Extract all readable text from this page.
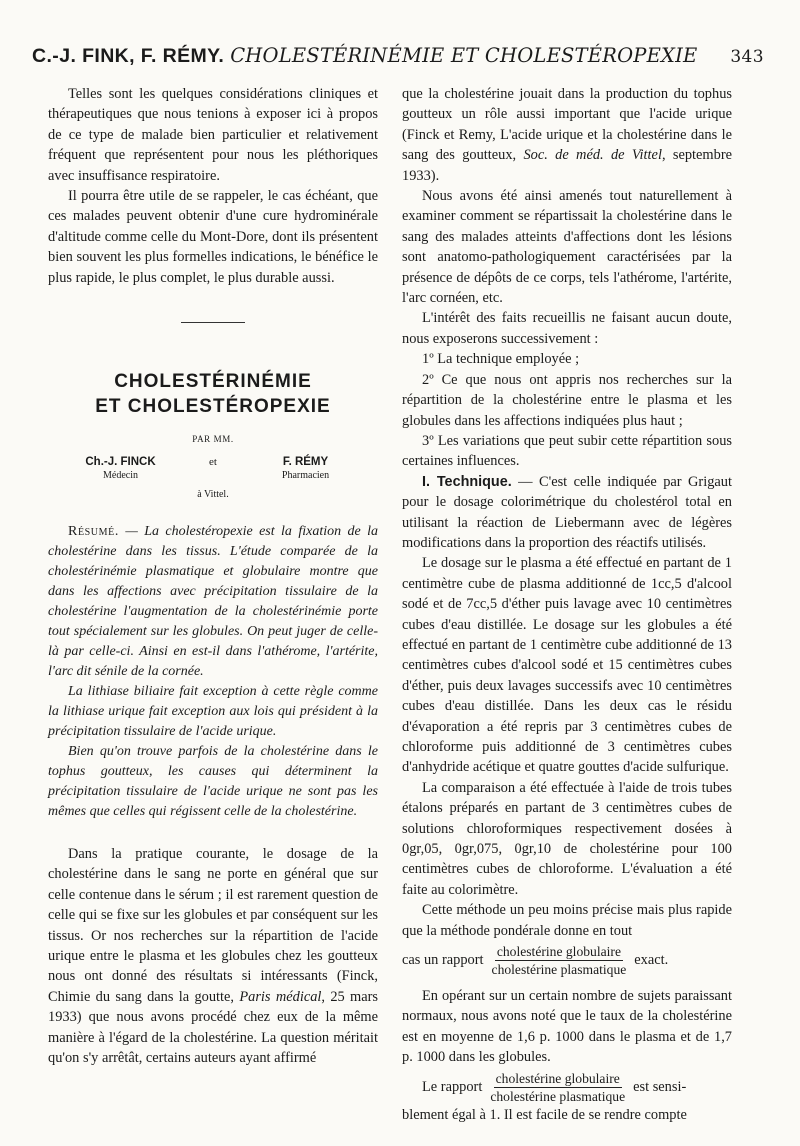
C.-J. FINK, F. RÉMY. CHOLESTÉRINÉMIE ET CHOLESTÉROPEXIE 343

Telles sont les quelques considérations cliniques et thérapeutiques que nous tenions à exposer ici à propos de ce type de malade bien particulier et relativement fréquent que représentent pour nous les pléthoriques avec insuffisance respiratoire.

Il pourra être utile de se rappeler, le cas échéant, que ces malades peuvent obtenir d'une cure hydrominérale d'altitude comme celle du Mont-Dore, dont ils présentent bien souvent les plus formelles indications, le bénéfice le plus rapide, le plus complet, le plus durable aussi.

CHOLESTÉRINÉMIE
ET CHOLESTÉROPEXIE
PAR MM.
Ch.-J. FINCK	et	F. RÉMY
Médecin	Pharmacien
à Vittel.

Résumé. — La cholestéropexie est la fixation de la cholestérine dans les tissus. L'étude comparée de la cholestérinémie plasmatique et globulaire montre que dans les affections avec précipitation tissulaire de la cholestérine l'augmentation de la cholestérinémie porte tout spécialement sur les globules. On peut juger de celle-là par celle-ci. Ainsi en est-il dans l'athérome, l'artérite, l'arc dit sénile de la cornée.

La lithiase biliaire fait exception à cette règle comme la lithiase urique fait exception aux lois qui président à la précipitation tissulaire de l'acide urique.

Bien qu'on trouve parfois de la cholestérine dans le tophus goutteux, les causes qui déterminent la précipitation tissulaire de l'acide urique ne sont pas les mêmes que celles qui régissent celle de la cholestérine.

Dans la pratique courante, le dosage de la cholestérine dans le sang ne porte en général que sur celle contenue dans le sérum ; il est rarement question de celle qui se fixe sur les globules et par conséquent sur les tissus. Or nos recherches sur la répartition de l'acide urique entre le plasma et les globules chez les goutteux nous ont donné des résultats si intéressants (Finck, Chimie du sang dans la goutte, Paris médical, 25 mars 1933) que nous avons procédé chez eux de la même manière à l'égard de la cholestérine. La question méritait qu'on s'y arrêtât, certains auteurs ayant affirmé

que la cholestérine jouait dans la production du tophus goutteux un rôle aussi important que l'acide urique (Finck et Remy, L'acide urique et la cholestérine dans le sang des goutteux, Soc. de méd. de Vittel, septembre 1933).

Nous avons été ainsi amenés tout naturellement à examiner comment se répartissait la cholestérine dans le sang des malades atteints d'affections dont les lésions sont anatomo-pathologiquement caractérisées par la présence de dépôts de ce corps, tels l'athérome, l'artérite, l'arc cornéen, etc.

L'intérêt des faits recueillis ne faisant aucun doute, nous exposerons successivement :

1º La technique employée ;

2º Ce que nous ont appris nos recherches sur la répartition de la cholestérine entre le plasma et les globules dans les affections indiquées plus haut ;

3º Les variations que peut subir cette répartition sous certaines influences.

I. Technique. — C'est celle indiquée par Grigaut pour le dosage colorimétrique du cholestérol total en utilisant la réaction de Liebermann avec de légères modifications dans la proportion des réactifs utilisés.

Le dosage sur le plasma a été effectué en partant de 1 centimètre cube de plasma additionné de 1cc,5 d'alcool sodé et de 7cc,5 d'éther puis lavage avec 10 centimètres cubes d'eau distillée. Le dosage sur les globules a été effectué en partant de 1 centimètre cube additionné de 13 centimètres cubes d'alcool sodé et 15 centimètres cubes d'éther, puis deux lavages successifs avec 10 centimètres cubes d'eau distillée. Dans les deux cas le résidu d'évaporation a été repris par 3 centimètres cubes de chloroforme puis additionné de 3 centimètres cubes d'anhydride acétique et quatre gouttes d'acide sulfurique.

La comparaison a été effectuée à l'aide de trois tubes étalons préparés en partant de 3 centimètres cubes de solutions chloroformiques respectivement dosées à 0gr,05, 0gr,075, 0gr,10 de cholestérine pour 100 centimètres cubes de chloroforme. L'évaluation a été faite au colorimètre.

Cette méthode un peu moins précise mais plus rapide que la méthode pondérale donne en tout

cas un rapport $\frac{\text{cholestérine globulaire}}{\text{cholestérine plasmatique}}$ exact.

En opérant sur un certain nombre de sujets paraissant normaux, nous avons noté que le taux de la cholestérine est en moyenne de 1,6 p. 1000 dans le plasma et de 1,7 p. 1000 dans les globules.

Le rapport $\frac{\text{cholestérine globulaire}}{\text{cholestérine plasmatique}}$ est sensi-

blement égal à 1. Il est facile de se rendre compte
